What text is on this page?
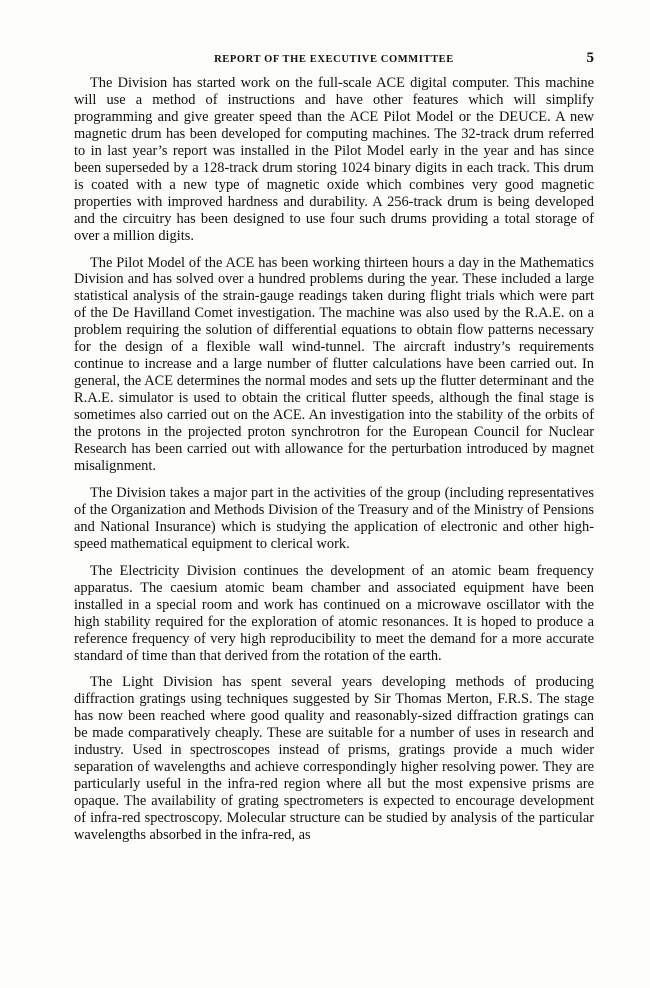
REPORT OF THE EXECUTIVE COMMITTEE	5

The Division has started work on the full-scale ACE digital computer. This machine will use a method of instructions and have other features which will simplify programming and give greater speed than the ACE Pilot Model or the DEUCE. A new magnetic drum has been developed for computing machines. The 32-track drum referred to in last year’s report was installed in the Pilot Model early in the year and has since been superseded by a 128-track drum storing 1024 binary digits in each track. This drum is coated with a new type of magnetic oxide which combines very good magnetic properties with improved hardness and durability. A 256-track drum is being developed and the circuitry has been designed to use four such drums providing a total storage of over a million digits.

The Pilot Model of the ACE has been working thirteen hours a day in the Mathematics Division and has solved over a hundred problems during the year. These included a large statistical analysis of the strain-gauge readings taken during flight trials which were part of the De Havilland Comet investigation. The machine was also used by the R.A.E. on a problem requiring the solution of differential equations to obtain flow patterns necessary for the design of a flexible wall wind-tunnel. The aircraft industry’s requirements continue to increase and a large number of flutter calculations have been carried out. In general, the ACE determines the normal modes and sets up the flutter determinant and the R.A.E. simulator is used to obtain the critical flutter speeds, although the final stage is sometimes also carried out on the ACE. An investigation into the stability of the orbits of the protons in the projected proton synchrotron for the European Council for Nuclear Research has been carried out with allowance for the perturbation introduced by magnet misalignment.

The Division takes a major part in the activities of the group (including representatives of the Organization and Methods Division of the Treasury and of the Ministry of Pensions and National Insurance) which is studying the application of electronic and other high-speed mathematical equipment to clerical work.

The Electricity Division continues the development of an atomic beam frequency apparatus. The caesium atomic beam chamber and associated equipment have been installed in a special room and work has continued on a microwave oscillator with the high stability required for the exploration of atomic resonances. It is hoped to produce a reference frequency of very high reproducibility to meet the demand for a more accurate standard of time than that derived from the rotation of the earth.

The Light Division has spent several years developing methods of producing diffraction gratings using techniques suggested by Sir Thomas Merton, F.R.S. The stage has now been reached where good quality and reasonably-sized diffraction gratings can be made comparatively cheaply. These are suitable for a number of uses in research and industry. Used in spectroscopes instead of prisms, gratings provide a much wider separation of wavelengths and achieve correspondingly higher resolving power. They are particularly useful in the infra-red region where all but the most expensive prisms are opaque. The availability of grating spectrometers is expected to encourage development of infra-red spectroscopy. Molecular structure can be studied by analysis of the particular wavelengths absorbed in the infra-red, as
